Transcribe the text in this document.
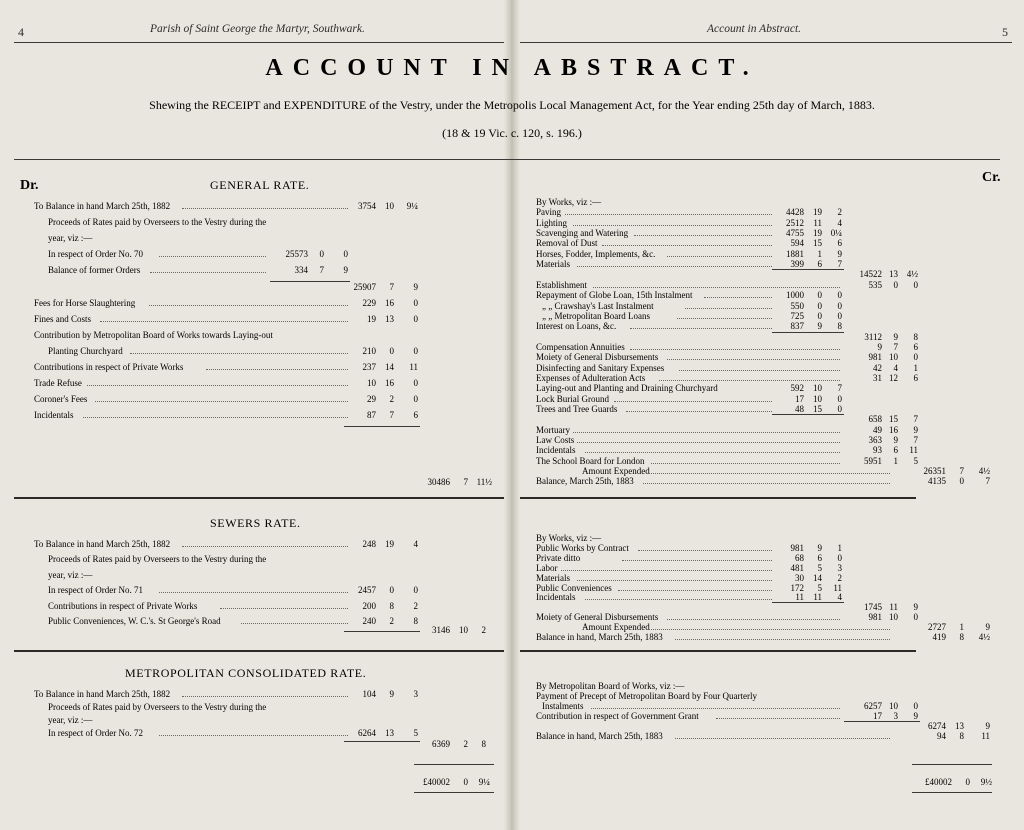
4	Parish of Saint George the Martyr, Southwark.	5
Account in Abstract.
ACCOUNT IN ABSTRACT.
Shewing the RECEIPT and EXPENDITURE of the Vestry, under the Metropolis Local Management Act, for the Year ending 25th day of March, 1883.
(18 & 19 Vic. c. 120, s. 196.)
Dr.
Cr.
GENERAL RATE.
To Balance in hand March 25th, 1882	3754	10	9¼
Proceeds of Rates paid by Overseers to the Vestry during the
year, viz :—
In respect of Order No. 70	25573	0	0
Balance of former Orders	334	7	9
25907	7	9
Fees for Horse Slaughtering	229	16	0
Fines and Costs	19	13	0
Contribution by Metropolitan Board of Works towards Laying-out
Planting Churchyard	210	0	0
Contributions in respect of Private Works	237	14	11
Trade Refuse	10	16	0
Coroner's Fees	29	2	0
Incidentals	87	7	6
By Works, viz :—
Paving	4428	19	2
Lighting	2512	11	4
Scavenging and Watering	4755	19 0¼
Removal of Dust	594	15	6
Horses, Fodder, Implements, &c.	1881	1	9
Materials	399	6	7
14522 13 4½
Establishment	535	0	0
Repayment of Globe Loan, 15th Instalment	1000	0	0
„ „ Crawshay's Last Instalment	550	0	0
„ „ Metropolitan Board Loans	725	0	0
Interest on Loans, &c.	837	9	8
3112	9	8
Compensation Annuities	9	7	6
Moiety of General Disbursements	981 10	0
Disinfecting and Sanitary Expenses	42	4	1
Expenses of Adulteration Acts	31 12	6
Laying-out and Planting and Draining Churchyard	592	10	7
Lock Burial Ground	17	10	0
Trees and Tree Guards	48	15	0
658 15	7
Mortuary	49 16	9
Law Costs	363	9	7
Incidentals	93	6	11
The School Board for London	5951	1	5
Amount Expended	26351	7	4½
Balance, March 25th, 1883	4135	0	7
30486	7 11½
SEWERS RATE.
To Balance in hand March 25th, 1882	248	19	4
Proceeds of Rates paid by Overseers to the Vestry during the
year, viz :—
In respect of Order No. 71	2457	0	0
Contributions in respect of Private Works	200	8	2
Public Conveniences, W. C.'s. St George's Road	240	2	8
By Works, viz :—
Public Works by Contract	981	9	1
Private ditto	68	6	0
Labor	481	5	3
Materials	30	14	2
Public Conveniences	172	5	11
Incidentals	11	11	4
1745 11	9
Moiety of General Disbursements	981 10	0
Amount Expended	2727	1	9
Balance in hand, March 25th, 1883	419	8	4½
3146	10	2
METROPOLITAN CONSOLIDATED RATE.
To Balance in hand March 25th, 1882	104	9	3
Proceeds of Rates paid by Overseers to the Vestry during the
year, viz :—
In respect of Order No. 72	6264	13	5
By Metropolitan Board of Works, viz :—
Payment of Precept of Metropolitan Board by Four Quarterly
Instalments	6257 10	0
Contribution in respect of Government Grant	17	3	9
6274	13	9
Balance in hand, March 25th, 1883	94	8	11
6369	2	8
£40002	0	9¼	£40002	0	9½
